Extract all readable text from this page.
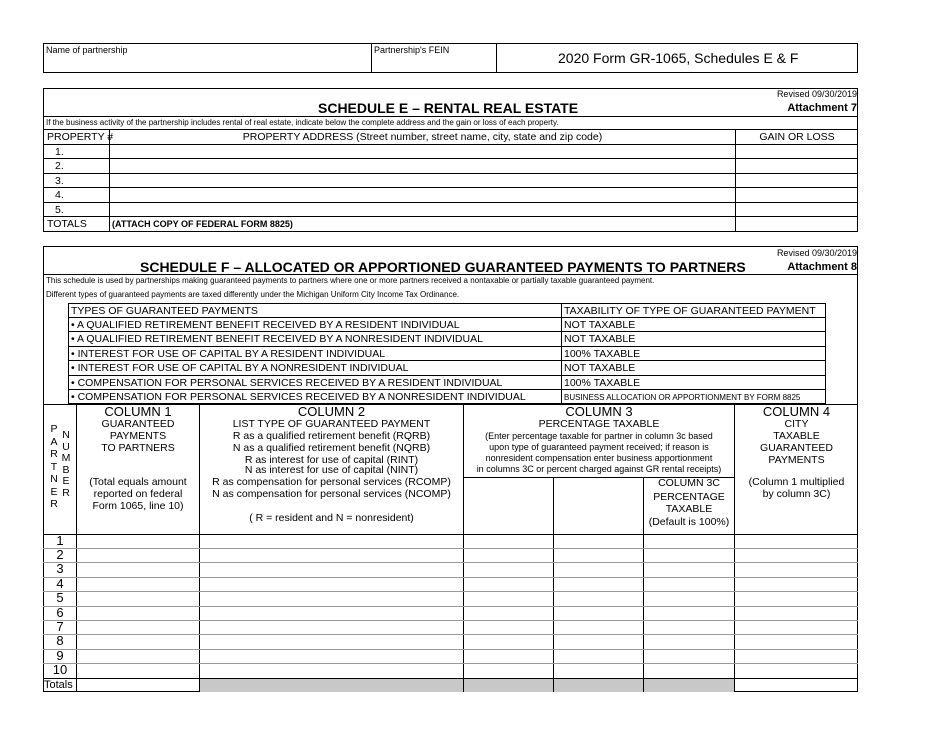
Name of partnership	Partnership's FEIN	2020 Form GR-1065, Schedules E & F
Revised 09/30/2019
Attachment 7
SCHEDULE E – RENTAL REAL ESTATE
If the business activity of the partnership includes rental of real estate, indicate below the complete address and the gain or loss of each property.
PROPERTY #	PROPERTY ADDRESS (Street number, street name, city, state and zip code)	GAIN OR LOSS
1.
2.
3.
4.
5.
TOTALS	(ATTACH COPY OF FEDERAL FORM 8825)
Revised 09/30/2019
Attachment 8
SCHEDULE F – ALLOCATED OR APPORTIONED GUARANTEED PAYMENTS TO PARTNERS
This schedule is used by partnerships making guaranteed payments to partners where one or more partners received a nontaxable or partially taxable guaranteed payment.
Different types of guaranteed payments are taxed differently under the Michigan Uniform City Income Tax Ordinance.
TYPES OF GUARANTEED PAYMENTS	TAXABILITY OF TYPE OF GUARANTEED PAYMENT
• A QUALIFIED RETIREMENT BENEFIT RECEIVED BY A RESIDENT INDIVIDUAL	NOT TAXABLE
• A QUALIFIED RETIREMENT BENEFIT RECEIVED BY A NONRESIDENT INDIVIDUAL	NOT TAXABLE
• INTEREST FOR USE OF CAPITAL BY A RESIDENT INDIVIDUAL	100% TAXABLE
• INTEREST FOR USE OF CAPITAL BY A NONRESIDENT INDIVIDUAL	NOT TAXABLE
• COMPENSATION FOR PERSONAL SERVICES RECEIVED BY A RESIDENT INDIVIDUAL	100% TAXABLE
• COMPENSATION FOR PERSONAL SERVICES RECEIVED BY A NONRESIDENT INDIVIDUAL	BUSINESS ALLOCATION OR APPORTIONMENT BY FORM 8825
PARTNER
NUMBER
COLUMN 1
GUARANTEED
PAYMENTS
TO PARTNERS
(Total equals amount
reported on federal
Form 1065, line 10)
COLUMN 2
LIST TYPE OF GUARANTEED PAYMENT
R as a qualified retirement benefit (RQRB)
N as a qualified retirement benefit (NQRB)
R as interest for use of capital (RINT)
N as interest for use of capital (NINT)
R as compensation for personal services (RCOMP)
N as compensation for personal services (NCOMP)
( R = resident and N = nonresident)
COLUMN 3
PERCENTAGE TAXABLE
(Enter percentage taxable for partner in column 3c based
upon type of guaranteed payment received; if reason is
nonresident compensation enter business apportionment
in columns 3C or percent charged against GR rental receipts)
COLUMN 3C
PERCENTAGE
TAXABLE
(Default is 100%)
COLUMN 4
CITY
TAXABLE
GUARANTEED
PAYMENTS
(Column 1 multiplied
by column 3C)
1
2
3
4
5
6
7
8
9
10
Totals
